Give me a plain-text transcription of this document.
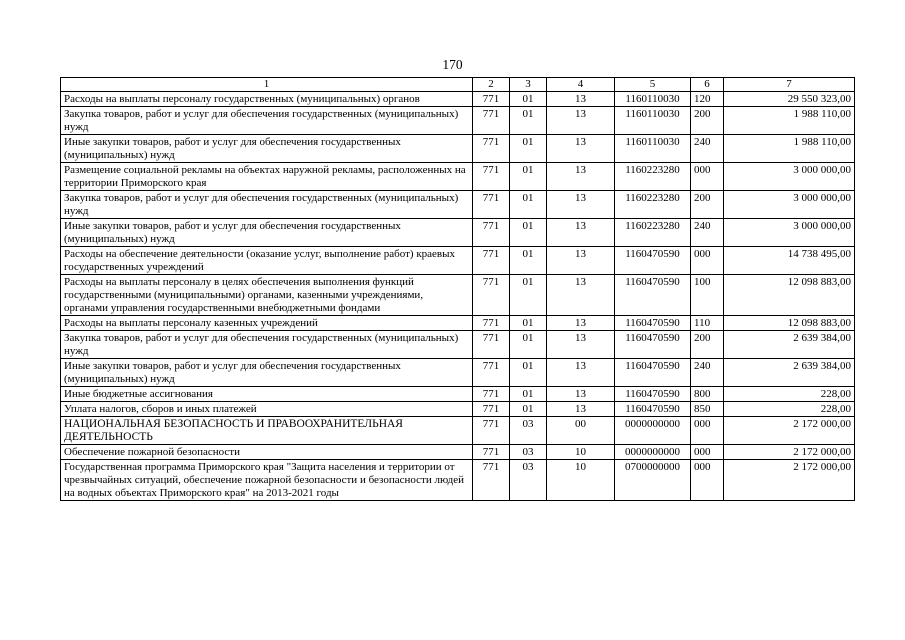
170
1	2	3	4	5	6	7
Расходы на выплаты персоналу государственных (муниципальных) органов	771	01	13	1160110030	120	29 550 323,00
Закупка товаров, работ и услуг для обеспечения государственных (муниципальных) нужд	771	01	13	1160110030	200	1 988 110,00
Иные закупки товаров, работ и услуг для обеспечения государственных (муниципальных) нужд	771	01	13	1160110030	240	1 988 110,00
Размещение социальной рекламы на объектах наружной рекламы, расположенных на территории Приморского края	771	01	13	1160223280	000	3 000 000,00
Закупка товаров, работ и услуг для обеспечения государственных (муниципальных) нужд	771	01	13	1160223280	200	3 000 000,00
Иные закупки товаров, работ и услуг для обеспечения государственных (муниципальных) нужд	771	01	13	1160223280	240	3 000 000,00
Расходы на обеспечение деятельности (оказание услуг, выполнение работ) краевых государственных учреждений	771	01	13	1160470590	000	14 738 495,00
Расходы на выплаты персоналу в целях обеспечения выполнения функций государственными (муниципальными) органами, казенными учреждениями, органами управления государственными внебюджетными фондами	771	01	13	1160470590	100	12 098 883,00
Расходы на выплаты персоналу казенных учреждений	771	01	13	1160470590	110	12 098 883,00
Закупка товаров, работ и услуг для обеспечения государственных (муниципальных) нужд	771	01	13	1160470590	200	2 639 384,00
Иные закупки товаров, работ и услуг для обеспечения государственных (муниципальных) нужд	771	01	13	1160470590	240	2 639 384,00
Иные бюджетные ассигнования	771	01	13	1160470590	800	228,00
Уплата налогов, сборов и иных платежей	771	01	13	1160470590	850	228,00
НАЦИОНАЛЬНАЯ БЕЗОПАСНОСТЬ И ПРАВООХРАНИТЕЛЬНАЯ ДЕЯТЕЛЬНОСТЬ	771	03	00	0000000000	000	2 172 000,00
Обеспечение пожарной безопасности	771	03	10	0000000000	000	2 172 000,00
Государственная программа Приморского края "Защита населения и территории от чрезвычайных ситуаций, обеспечение пожарной безопасности и безопасности людей на водных объектах Приморского края" на 2013-2021 годы	771	03	10	0700000000	000	2 172 000,00
